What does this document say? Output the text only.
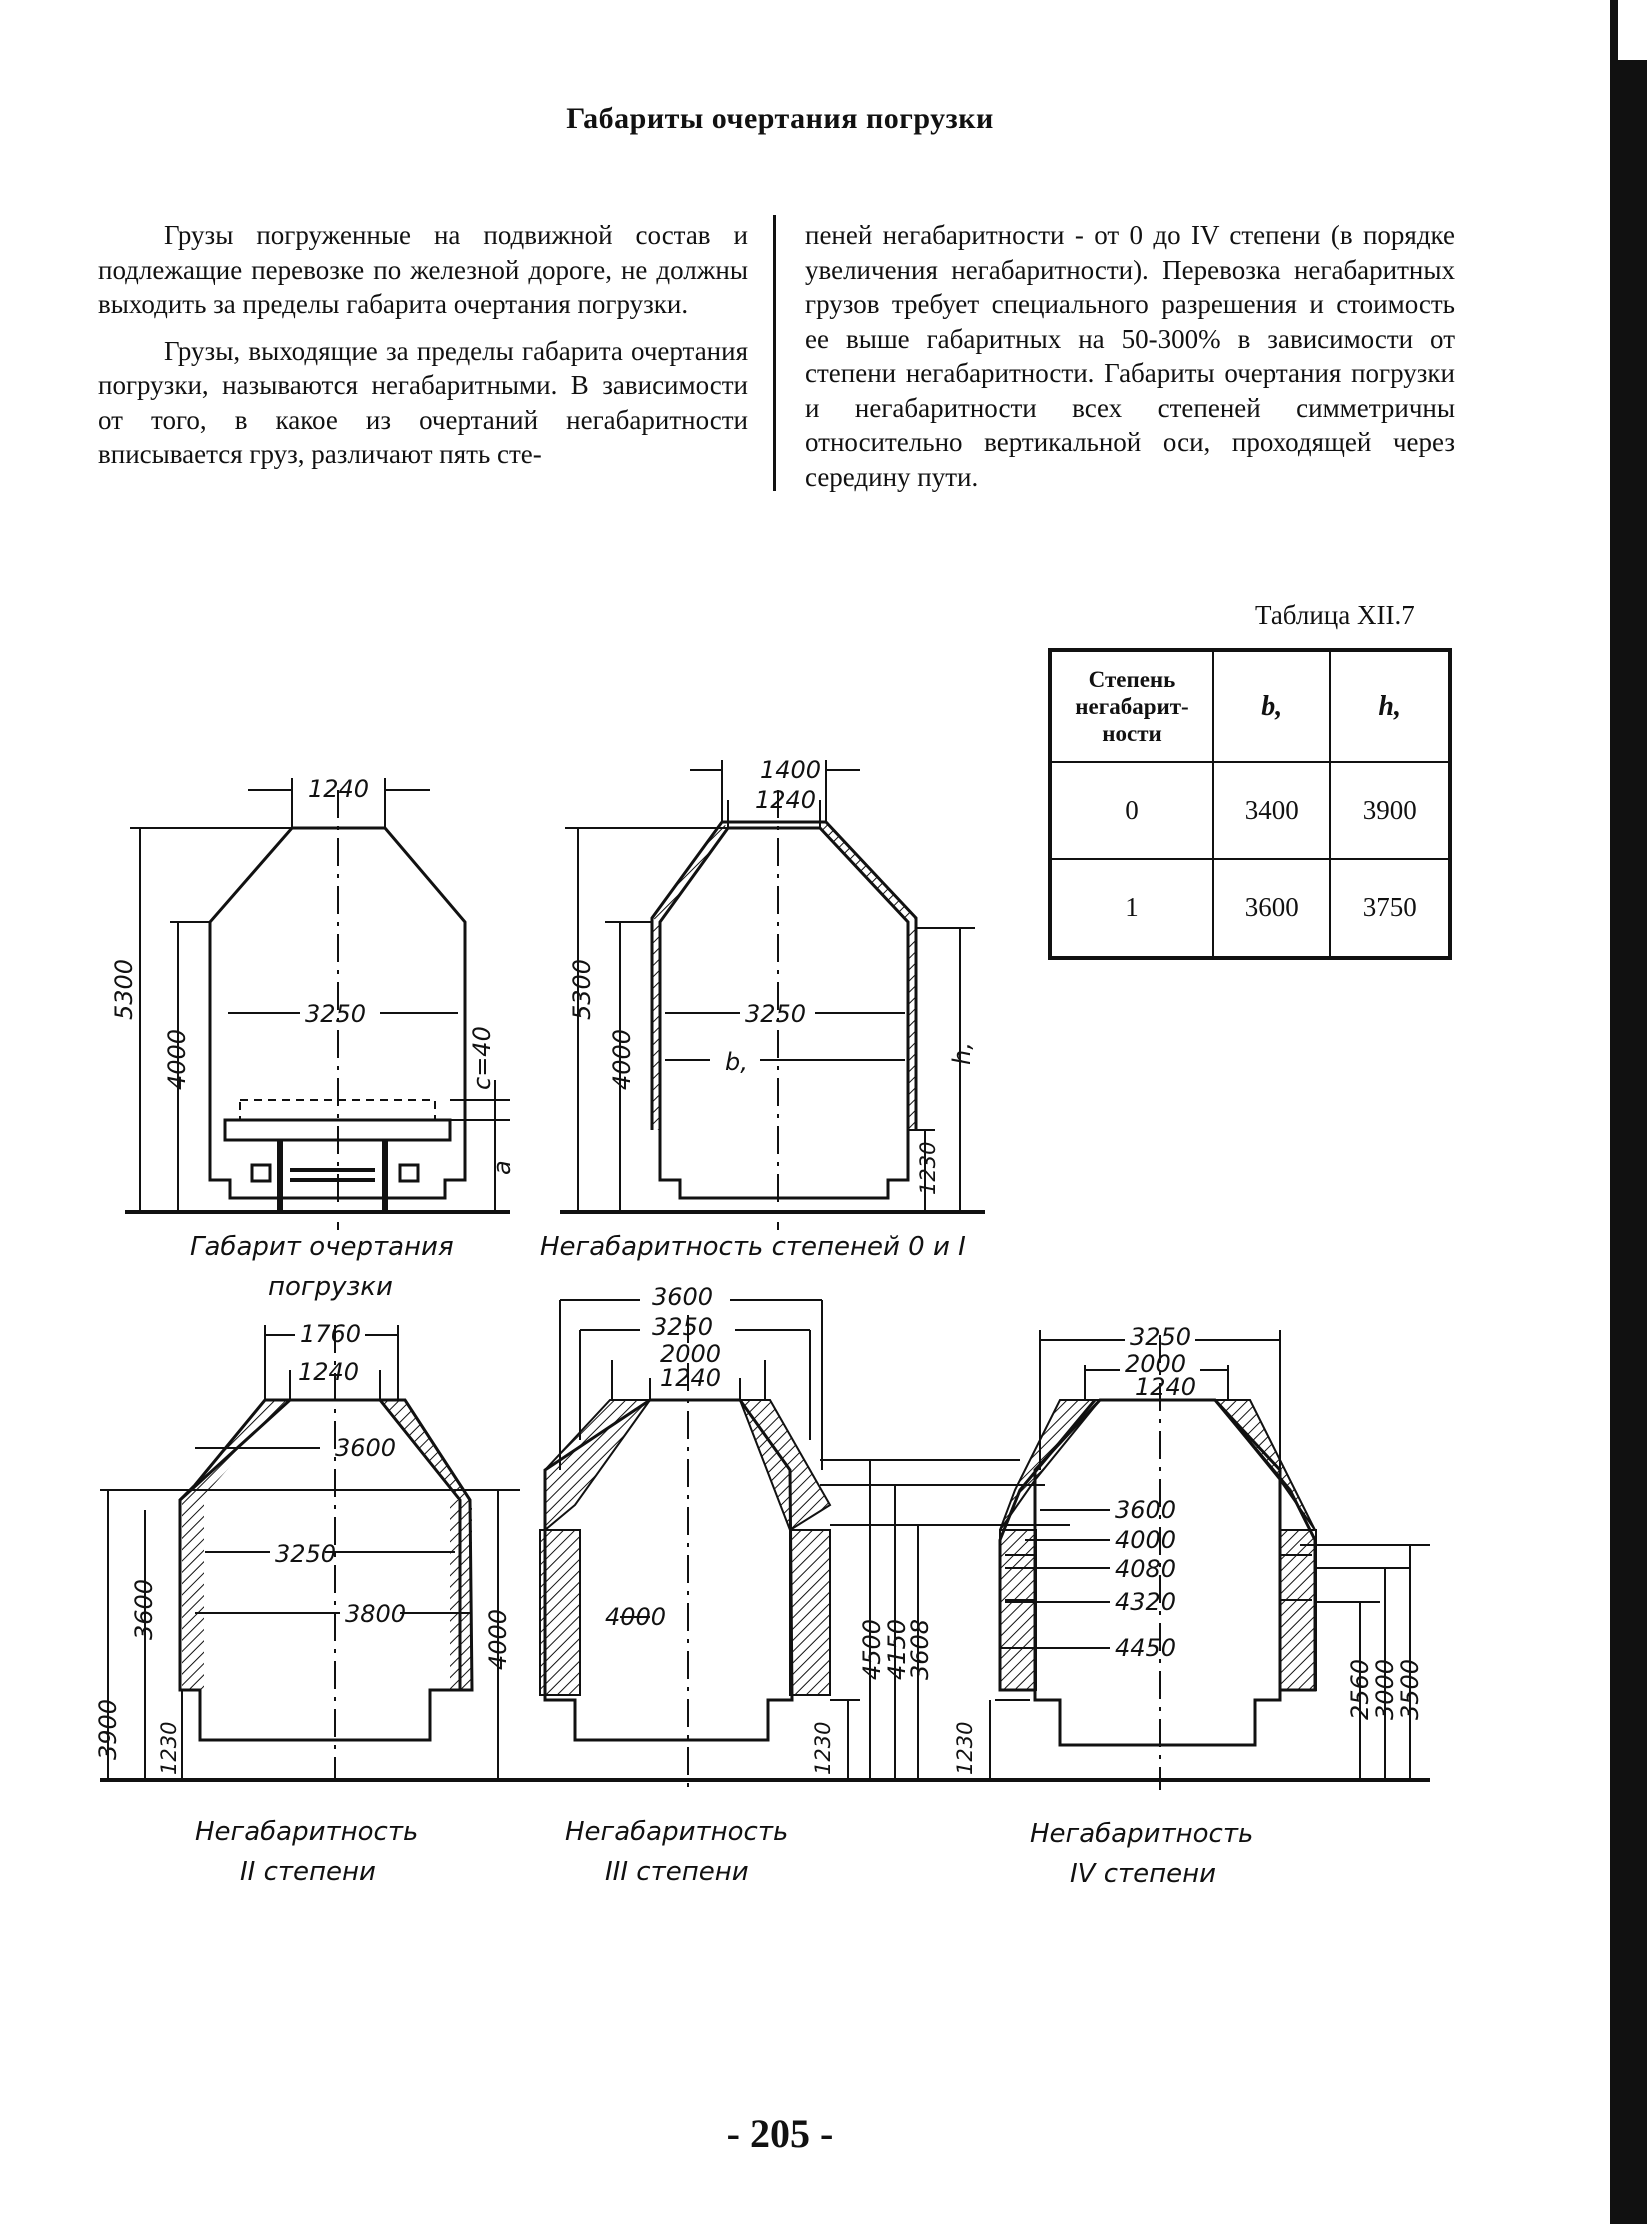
Габариты очертания погрузки

Грузы погруженные на подвижной состав и подлежащие перевозке по железной дороге, не должны выходить за пределы габарита очертания погрузки.

Грузы, выходящие за пределы габарита очертания погрузки, называются негабаритными. В зависимости от того, в какое из очертаний негабаритности вписывается груз, различают пять сте-

пеней негабаритности - от 0 до IV степени (в порядке увеличения негабаритности). Перевозка негабаритных грузов требует специального разрешения и стоимость ее выше габаритных на 50-300% в зависимости от степени негабаритности. Габариты очертания погрузки и негабаритности всех степеней симметричны относительно вертикальной оси, проходящей через середину пути.

Таблица XII.7
Степень негабарит-ности	b,	h,
0	3400	3900
1	3600	3750
1240
3250
5300
4000	c=40
a
Габарит очертания
погрузки
1400
1240
3250
b,
5300
4000	h,
1230
Негабаритность степеней 0 и I
1760
1240
3600
3250
3800
3900
3600	4000
1230
Негабаритность
II степени
3600
3250
2000
1240
4000
4500
4150
3608
1230
Негабаритность
III степени
3250
2000
1240
3600
4000
4080
4320
4450
1230
2560
3000
3500
Негабаритность
IV степени
- 205 -
